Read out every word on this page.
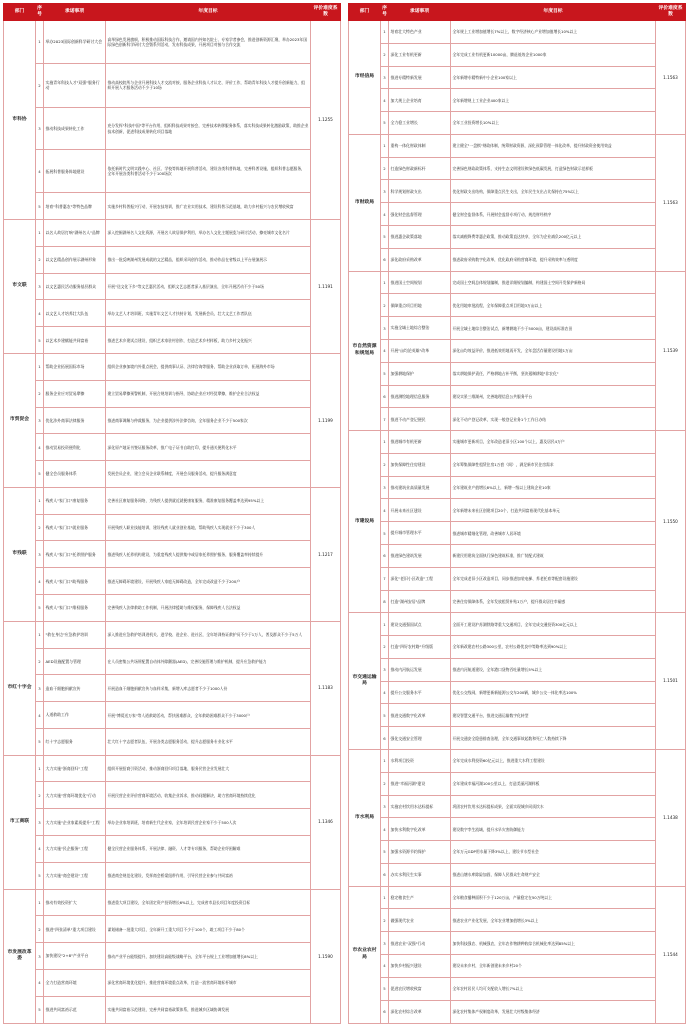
部门	序号	承诺事项	年度目标	评价难度系数
市科协	1	举办2023国际创新科学研讨大会	高举绿色发展旗帜，积极推动国际科技合作，邀请国内外知名院士、专家学者参会，推进创新资源汇聚，举办2023年国际绿色创新科学研讨大会暨系列活动，发布科技成果，开展项目对接与合作交流	1.1255
	2	实施青年科技人才"双强"服务行动	推动高校院所与企业开展科技人才交流对接，服务企业科技人才认定、评价工作，帮助青年科技人才提升创新能力，组织开展人才服务活动不少于10场	
	3	推动科技成果转化工作	充分发挥"科技中国"等平台作用，组织科技成果对接会，完善技术转移服务体系，落实科技成果转化激励政策，助推企业技术创新，促进科技成果转化项目落地	
	4	拓展科普服务阵地建设	依托新时代文明实践中心、社区、学校等阵地开展科普活动，建设各类科普阵地，完善科普设施，组织科普志愿服务，全年开展各类科普活动不少于100场次	
	5	培育"科普惠农"等特色品牌	实施乡村科普振兴行动，开展农技培训，推广农业实用技术，建设科普示范基地，助力乡村振兴与农民增收致富	
市文联	1	以名人故居打响"湖州名人"品牌	深入挖掘湖州名人文化资源，开展名人故居保护利用，举办名人文化主题展览与研讨活动，擦亮城市文化名片	1.1191
	2	以文艺精品创作展示湖州形象	推出一批反映湖州发展成就的文艺精品，组织采风创作活动，推动作品在省级以上平台展演展示	
	3	以文艺惠民活动服务基层群众	开展"送文化下乡"等文艺惠民活动，组织文艺志愿者深入基层演出，全年开展活动不少于50场	
	4	以文艺人才培养壮大队伍	举办文艺人才培训班，实施青年文艺人才扶持计划，发展新会员，壮大文艺工作者队伍	
	5	以艺术乡建赋能共同富裕	推进艺术乡建试点建设，组织艺术家驻村创作，打造艺术乡村样板，助力乡村文化振兴	
市贸促会	1	帮助企业拓展国际市场	组织企业参加境内外重点展会，提供商事认证、法律咨询等服务，帮助企业获取订单，拓展海外市场	1.1199
	2	服务企业应对贸易摩擦	建立贸易摩擦预警机制，开展合规培训与指导，协助企业应对经贸摩擦，维护企业合法权益	
	3	优化涉外商事法律服务	推进商事调解与仲裁服务，为企业提供涉外法律咨询，全年服务企业不少于500家次	
	4	推动贸易投资便利化	深化原产地证书签证服务改革，推广电子证书自助打印，提升通关便利化水平	
	5	健全会员服务体系	发展会员企业，建立会员企业联系制度，开展会员服务活动，提升服务满意度	
市残联	1	残疾人"家门口"康复服务	完善社区康复服务网络，为残疾人提供就近就便康复服务，精准康复服务覆盖率达到95%以上	1.1217
	2	残疾人"家门口"就业服务	开展残疾人职业技能培训，建设残疾人就业创业基地，帮助残疾人实现就业不少于300人	
	3	残疾人"家门口"托养照护服务	推进残疾人托养机构建设，为重度残疾人提供集中或居家托养照护服务，服务覆盖率持续提升	
	4	残疾人"家门口"助残服务	推进无障碍环境建设，开展残疾人家庭无障碍改造，全年完成改造不少于200户	
	5	残疾人"家门口"维权服务	完善残疾人法律救助工作机制，开展法律援助与维权服务，保障残疾人合法权益	
市红十字会	1	"救在身边"应急救护培训	深入推进应急救护培训进机关、进学校、进企业、进社区，全年培训持证救护员不少于1万人，普及群众不少于5万人	1.1183
	2	AED设施配置与管理	在人员密集公共场所配置自动体外除颤器(AED)，完善设施管理与维护机制，提升应急救护能力	
	3	造血干细胞捐献宣传	开展造血干细胞捐献宣传与血样采集，新增入库志愿者不少于1000人份	
	4	人道救助工作	开展"博爱送万家"等人道救助活动，帮扶困难群众，全年救助困难群众不少于3000户	
	5	红十字志愿服务	壮大红十字志愿者队伍，开展各类志愿服务活动，提升志愿服务专业化水平	
市工商联	1	大力实施"浙商回归"工程	组织开展招商引资活动，推动浙商回归项目落地，服务民营企业发展壮大	1.1346
	2	大力实施"营商环境优化"行动	开展民营企业评价营商环境活动，收集企业诉求，推动问题解决，助力营商环境持续优化	
	3	大力实施"企业家素质提升"工程	举办企业家培训班，培育新生代企业家，全年培训民营企业家不少于500人次	
	4	大力实施"民企服务"工程	健全民营企业服务体系，开展法律、融资、人才等专项服务，帮助企业纾困解难	
	5	大力实施"商会建设"工程	推进商会规范化建设，发挥商会桥梁纽带作用，引导民营企业参与共同富裕	
市发展改革委	1	推动有效投资扩大	推进重大项目建设，全年固定资产投资增长6%以上，完成省市县长项目年度投资目标	1.1590
	2	推进"四张清单"重大项目建设	谋划储备一批重大项目，全年新开工重大项目不少于100个，竣工项目不少于80个	
	3	加快建设"2+8"产业平台	推动产业平台能级提升，加快建设高能级战略平台，全年平台规上工业增加值增长8%以上	
	4	全力打造营商环境	深化营商环境优化提升，推进营商环境重点改革，打造一流营商环境标杆城市	
	5	推进共同富裕示范	实施共同富裕示范建设，完善共同富裕政策体系，推进城乡区域协调发展	
部门	序号	承诺事项	年度目标	评价难度系数
市经信局	1	培育壮大特色产业	全年规上工业增加值增长7%以上，数字经济核心产业增加值增长10%以上	1.1563
	2	深化工业有机更新	全年完成工业有机更新10000亩，腾退低效企业1000家	
	3	推进专精特新发展	全年新增专精特新中小企业100家以上	
	4	加大规上企业培育	全年新增规上工业企业400家以上	
	5	全力稳工业增长	全年工业投资增长10%以上	
市财政局	1	重构一体化财政体制	建立健全"一盘棋"财政体制，统筹财政资源，深化预算管理一体化改革，提升财政资金使用效益	1.1563
	2	打造绿色财政新标杆	完善绿色财政政策体系，支持生态文明建设和绿色低碳发展，打造绿色财政示范样板	
	3	科学规划财政支出	优化财政支出结构，保障重点民生支出，全年民生支出占比保持在75%以上	
	4	强化财会监督管理	健全财会监督体系，开展财会监督专项行动，规范财经秩序	
	5	推进惠企政策落地	落实减税降费等惠企政策，推动政策直达快享，全年为企业减负200亿元以上	
	6	深化政府采购改革	推进政府采购数字化改革，优化政府采购营商环境，提升采购效率与透明度	
市自然资源和规划局	1	推进国土空间规划	完成国土空间总体规划编制，推进详细规划编制，构建国土空间开发保护新格局	1.1539
	2	保障重点项目用地	优化用地审批流程，全年保障重点项目用地3万亩以上	
	3	实施全域土地综合整治	开展全域土地综合整治试点，新增耕地不少于5000亩，建设高标准农田	
	4	开展"亩均论英雄"改革	深化亩均效益评价，推进低效用地再开发，全年盘活存量建设用地1万亩	
	5	加强耕地保护	落实耕地保护责任，严格耕地占补平衡，坚决遏制耕地"非农化"	
	6	推进测绘地理信息服务	建设实景三维湖州，完善地理信息公共服务平台	
	7	推进不动产登记便民	深化不动产登记改革，实现一般登记业务1个工作日办结	
市建设局	1	推进城市有机更新	实施城市更新项目，全年改造老旧小区100个以上，惠及居民4万户	1.1550
	2	加快保障性住房建设	全年筹集保障性租赁住房1万套（间），满足新市民住房需求	
	3	推动建筑业高质量发展	全年建筑业产值增长8%以上，新增一级以上建筑企业10家	
	4	开展未来社区建设	全年新增未来社区创建项目20个，打造共同富裕现代化基本单元	
	5	提升城市管理水平	推进城市精细化管理，改善城市人居环境	
	6	推进绿色建筑发展	新建民用建筑全面执行绿色建筑标准，推广装配式建筑	
	7	深化"老旧小区改造"工程	全年完成老旧小区改造项目，同步推进加装电梯、养老托育等配套设施建设	
	8	打造"湖州安居"品牌	完善住房保障体系，全年发放租赁补贴1万户，提升群众居住幸福感	
市交通运输局	1	建设交通强国试点	全面开工建设沪苏湖铁路等重大交通项目，全年完成交通投资300亿元以上	1.1501
	2	打造"四好农村路"升级版	全年新改建农村公路300公里，农村公路优良中等路率达到90%以上	
	3	推动内河航运发展	推进内河航道建设，全年港口货物吞吐量增长5%以上	
	4	提升公交服务水平	优化公交线网，新增更新新能源公交车200辆，城乡公交一体化率达100%	
	5	推进交通数字化改革	建设智慧交通平台，推进交通运输数字化转型	
	6	强化交通安全管理	开展交通安全隐患排查治理，全年交通事故起数和死亡人数持续下降	
市水利局	1	水利项目投资	全年完成水利投资60亿元以上，推进重大水利工程建设	1.1438
	2	推进"幸福河湖"建设	全年建成幸福河湖100公里以上，打造美丽河湖样板	
	3	实施农村饮用水达标提标	巩固农村饮用水达标提标成果，全面实现城乡同质饮水	
	4	加快水利数字化改革	建设数字孪生流域，提升水旱灾害防御能力	
	5	加强水资源节约保护	全年万元GDP用水量下降3%以上，建设节水型社会	
	6	办实水利民生实事	推进山塘水库除险加固，保障人民群众生命财产安全	
市农业农村局	1	稳定粮食生产	全年粮食播种面积不少于120万亩，产量稳定在50万吨以上	1.1544
	2	做强现代农业	推进农业产业化发展，全年农业增加值增长3%以上	
	3	推进农业"双强"行动	加快科技强农、机械强农，全年农作物耕种收综合机械化率达到85%以上	
	4	加快乡村振兴建设	建设未来乡村，全年新创建未来乡村20个	
	5	促进农民增收致富	全年农村居民人均可支配收入增长7%以上	
	6	深化农村综合改革	深化农村集体产权制度改革，发展壮大村级集体经济	
